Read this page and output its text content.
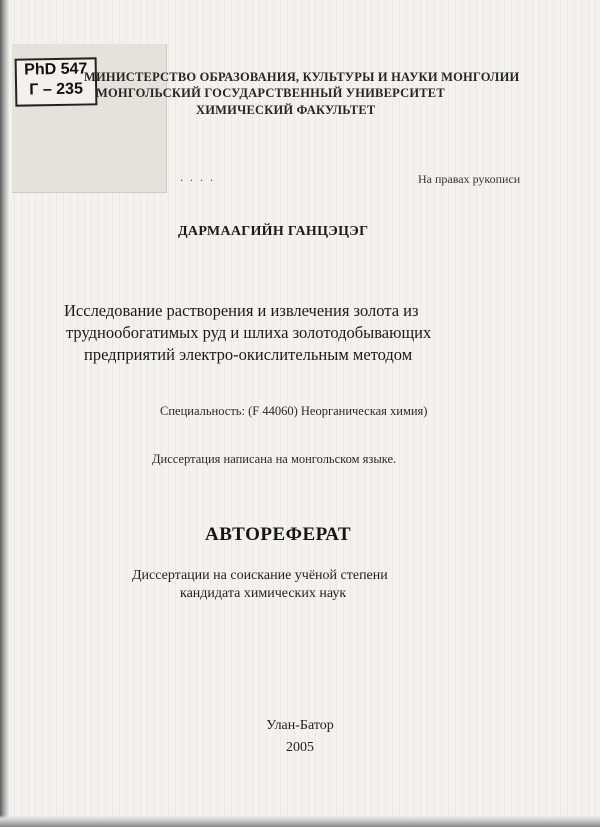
PhD 547
Г – 235
МИНИСТЕРСТВО ОБРАЗОВАНИЯ, КУЛЬТУРЫ И НАУКИ МОНГОЛИИ
МОНГОЛЬСКИЙ ГОСУДАРСТВЕННЫЙ УНИВЕРСИТЕТ
ХИМИЧЕСКИЙ ФАКУЛЬТЕТ
. . . .	На правах рукописи
ДАРМААГИЙН ГАНЦЭЦЭГ
Исследование растворения и извлечения золота из
труднообогатимых руд и шлиха золотодобывающих
предприятий электро-окислительным методом
Специальность: (F 44060) Неорганическая химия)
Диссертация написана на монгольском языке.
АВТОРЕФЕРАТ
Диссертации на соискание учёной степени
кандидата химических наук
Улан-Батор
2005
